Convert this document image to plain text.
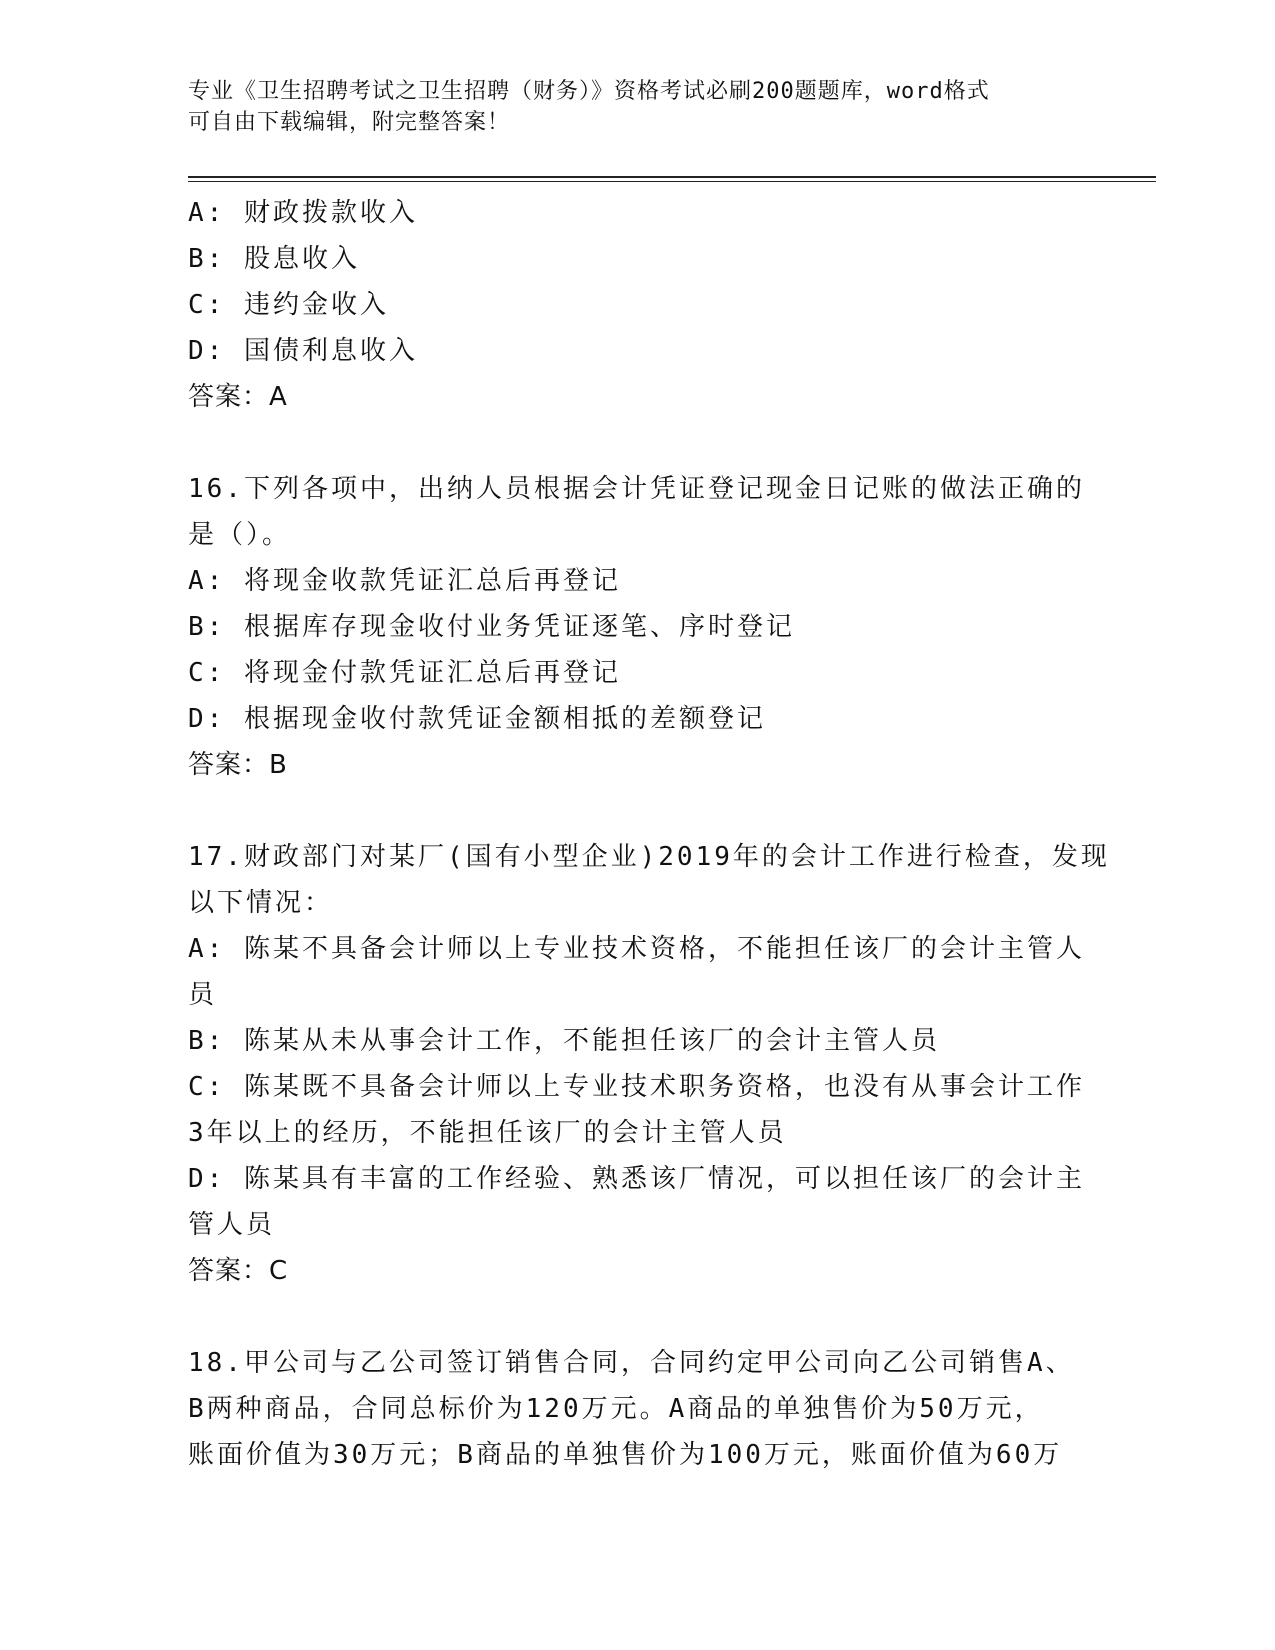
专业《卫生招聘考试之卫生招聘（财务）》资格考试必刷200题题库，word格式
可自由下载编辑，附完整答案！
A: 财政拨款收入
B: 股息收入
C: 违约金收入
D: 国债利息收入
答案：A
16.下列各项中，出纳人员根据会计凭证登记现金日记账的做法正确的
是（）。
A: 将现金收款凭证汇总后再登记
B: 根据库存现金收付业务凭证逐笔、序时登记
C: 将现金付款凭证汇总后再登记
D: 根据现金收付款凭证金额相抵的差额登记
答案：B
17.财政部门对某厂(国有小型企业)2019年的会计工作进行检查，发现
以下情况：
A: 陈某不具备会计师以上专业技术资格，不能担任该厂的会计主管人
员
B: 陈某从未从事会计工作，不能担任该厂的会计主管人员
C: 陈某既不具备会计师以上专业技术职务资格，也没有从事会计工作
3年以上的经历，不能担任该厂的会计主管人员
D: 陈某具有丰富的工作经验、熟悉该厂情况，可以担任该厂的会计主
管人员
答案：C
18.甲公司与乙公司签订销售合同，合同约定甲公司向乙公司销售A、
B两种商品，合同总标价为120万元。A商品的单独售价为50万元，
账面价值为30万元；B商品的单独售价为100万元，账面价值为60万
